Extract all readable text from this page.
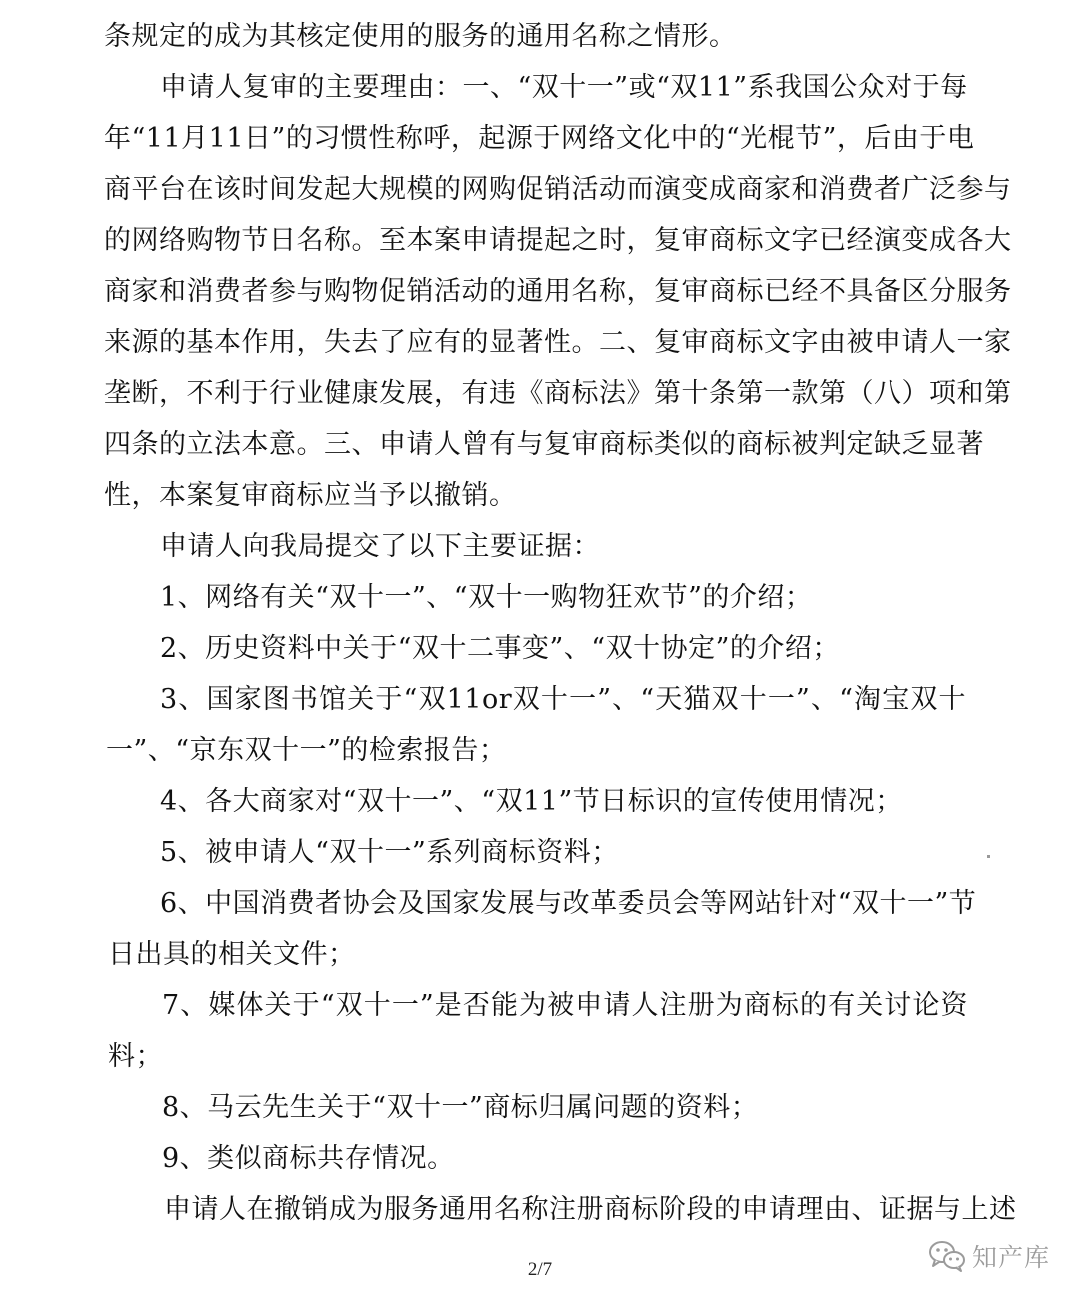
条规定的成为其核定使用的服务的通用名称之情形。
申请人复审的主要理由：一、“双十一”或“双11”系我国公众对于每
年“11月11日”的习惯性称呼，起源于网络文化中的“光棍节”，后由于电
商平台在该时间发起大规模的网购促销活动而演变成商家和消费者广泛参与
的网络购物节日名称。至本案申请提起之时，复审商标文字已经演变成各大
商家和消费者参与购物促销活动的通用名称，复审商标已经不具备区分服务
来源的基本作用，失去了应有的显著性。二、复审商标文字由被申请人一家
垄断，不利于行业健康发展，有违《商标法》第十条第一款第（八）项和第
四条的立法本意。三、申请人曾有与复审商标类似的商标被判定缺乏显著
性，本案复审商标应当予以撤销。
申请人向我局提交了以下主要证据：
1、网络有关“双十一”、“双十一购物狂欢节”的介绍；
2、历史资料中关于“双十二事变”、“双十协定”的介绍；
3、国家图书馆关于“双11or双十一”、“天猫双十一”、“淘宝双十
一”、“京东双十一”的检索报告；
4、各大商家对“双十一”、“双11”节日标识的宣传使用情况；
5、被申请人“双十一”系列商标资料；
6、中国消费者协会及国家发展与改革委员会等网站针对“双十一”节
日出具的相关文件；
7、媒体关于“双十一”是否能为被申请人注册为商标的有关讨论资
料；
8、马云先生关于“双十一”商标归属问题的资料；
9、类似商标共存情况。
申请人在撤销成为服务通用名称注册商标阶段的申请理由、证据与上述
2/7	知产库
